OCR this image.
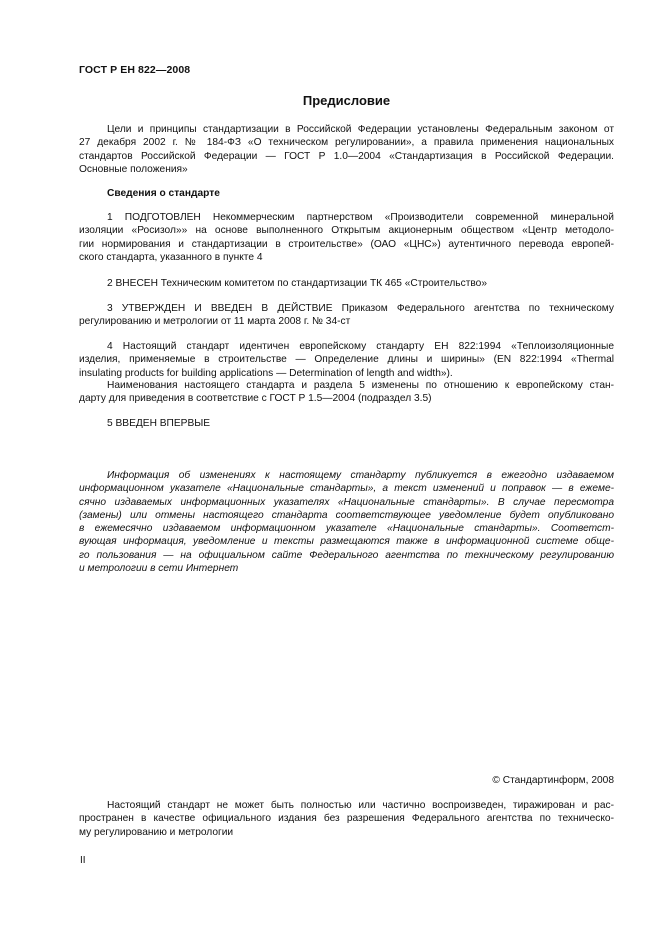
ГОСТ Р ЕН 822—2008
Предисловие
Цели и принципы стандартизации в Российской Федерации установлены Федеральным законом от
27 декабря 2002 г. № 184-ФЗ «О техническом регулировании», а правила применения национальных
стандартов Российской Федерации — ГОСТ Р 1.0—2004 «Стандартизация в Российской Федерации.
Основные положения»
Сведения о стандарте
1 ПОДГОТОВЛЕН Некоммерческим партнерством «Производители современной минеральной
изоляции «Росизол»» на основе выполненного Открытым акционерным обществом «Центр методоло-
гии нормирования и стандартизации в строительстве» (ОАО «ЦНС») аутентичного перевода европей-
ского стандарта, указанного в пункте 4
2 ВНЕСЕН Техническим комитетом по стандартизации ТК 465 «Строительство»
3 УТВЕРЖДЕН И ВВЕДЕН В ДЕЙСТВИЕ Приказом Федерального агентства по техническому
регулированию и метрологии от 11 марта 2008 г. № 34-ст
4 Настоящий стандарт идентичен европейскому стандарту ЕН 822:1994 «Теплоизоляционные
изделия, применяемые в строительстве — Определение длины и ширины» (EN 822:1994 «Thermal
insulating products for building applications — Determination of length and width»).
Наименования настоящего стандарта и раздела 5 изменены по отношению к европейскому стан-
дарту для приведения в соответствие с ГОСТ Р 1.5—2004 (подраздел 3.5)
5 ВВЕДЕН ВПЕРВЫЕ
Информация об изменениях к настоящему стандарту публикуется в ежегодно издаваемом
информационном указателе «Национальные стандарты», а текст изменений и поправок — в ежеме-
сячно издаваемых информационных указателях «Национальные стандарты». В случае пересмотра
(замены) или отмены настоящего стандарта соответствующее уведомление будет опубликовано
в ежемесячно издаваемом информационном указателе «Национальные стандарты». Соответст-
вующая информация, уведомление и тексты размещаются также в информационной системе обще-
го пользования — на официальном сайте Федерального агентства по техническому регулированию
и метрологии в сети Интернет
© Стандартинформ, 2008
Настоящий стандарт не может быть полностью или частично воспроизведен, тиражирован и рас-
пространен в качестве официального издания без разрешения Федерального агентства по техническо-
му регулированию и метрологии
II
